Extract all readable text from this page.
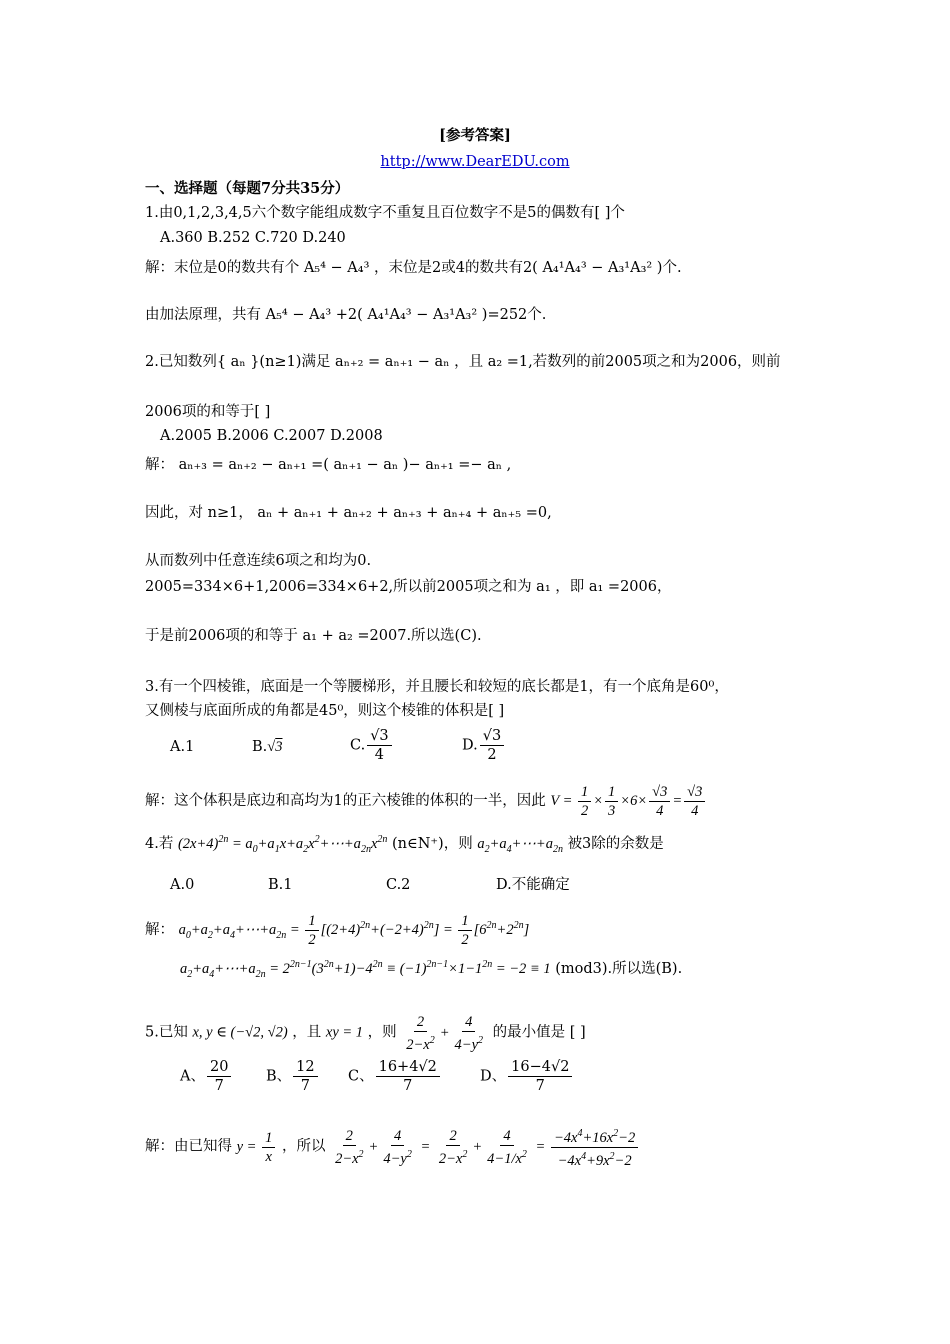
[参考答案]
http://www.DearEDU.com
一、选择题（每题7分共35分）
1.由0,1,2,3,4,5六个数字能组成数字不重复且百位数字不是5的偶数有[ ]个
A.360 B.252 C.720 D.240
解：末位是0的数共有个 A₅⁴ − A₄³ ，末位是2或4的数共有2( A₄¹A₄³ − A₃¹A₃² )个.
由加法原理，共有 A₅⁴ − A₄³ +2( A₄¹A₄³ − A₃¹A₃² )=252个.
2.已知数列{ aₙ }(n≥1)满足 aₙ₊₂ = aₙ₊₁ − aₙ ，且 a₂ =1,若数列的前2005项之和为2006，则前
2006项的和等于[ ]
A.2005 B.2006 C.2007 D.2008
解： aₙ₊₃ = aₙ₊₂ − aₙ₊₁ =( aₙ₊₁ − aₙ )− aₙ₊₁ =− aₙ ,
因此，对 n≥1， aₙ + aₙ₊₁ + aₙ₊₂ + aₙ₊₃ + aₙ₊₄ + aₙ₊₅ =0,
从而数列中任意连续6项之和均为0.
2005=334×6+1,2006=334×6+2,所以前2005项之和为 a₁ ，即 a₁ =2006，
于是前2006项的和等于 a₁ + a₂ =2007.所以选(C).
3.有一个四棱锥，底面是一个等腰梯形，并且腰长和较短的底长都是1，有一个底角是60⁰，
又侧棱与底面所成的角都是45⁰，则这个棱锥的体积是[ ]
A.1	B.√3	C. $\frac{√3}{4}$	D. $\frac{√3}{2}$
解：这个体积是底边和高均为1的正六棱锥的体积的一半，因此 $V = \frac{1}{2} \times \frac{1}{3} \times 6\times \frac{√3}{4} = \frac{√3}{4}$
4.若 $(2x+4)^{2n}$ = $a_0+a_1x+a_2x^2+\cdots+a_{2n}x^{2n}$ (n∈N⁺)，则 $a_2+a_4+\cdots+a_{2n}$ 被3除的余数是
A.0	B.1	C.2	D.不能确定
解： $a_0+a_2+a_4+\cdots+a_{2n} = \frac{1}{2} [(2+4)^{2n}+(-2+4)^{2n}] = \frac{1}{2} [6^{2n}+2^{2n}]$
$a_2+a_4+\cdots+a_{2n} = 2^{2n-1}(3^{2n}+1)-4^{2n} \equiv (-1)^{2n-1}\times 1-1^{2n} = -2 \equiv 1$ (mod3).所以选(B).
5.已知 x, y ∈ (−√2, √2) ，且 xy = 1 ，则 $\frac{2}{2-x^2} + \frac{4}{4-y^2}$ 的最小值是 [ ]
A、 $\frac{20}{7}$ B、 $\frac{12}{7}$ C、 $\frac{16+4√2}{7}$	D、 $\frac{16-4√2}{7}$
解：由已知得 $y = \frac{1}{x}$ ，所以 $\frac{2}{2-x^2} + \frac{4}{4-y^2} = \frac{2}{2-x^2} + \frac{4}{4-1/x^2} = \frac{-4x^4+16x^2-2}{-4x^4+9x^2-2}$
